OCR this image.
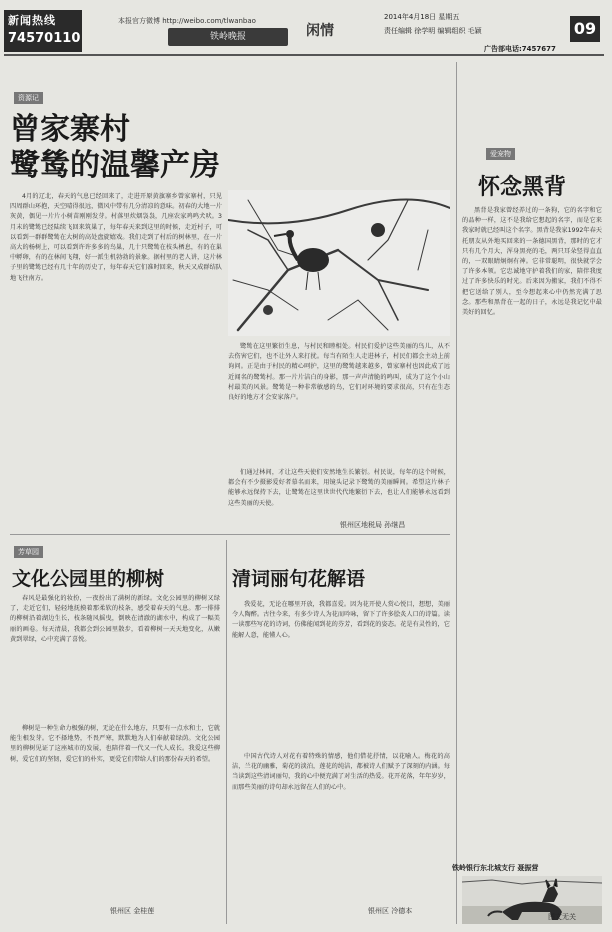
新闻热线
74570110
本报官方微博 http://weibo.com/tlwanbao
铁岭晚报	闲情
2014年4月18日 星期五
责任编辑 徐学明 编辑组织 毛颖	09
广告部电话:7457677
资源记
曾家寨村
鹭鸶的温馨产房
4月的辽北，春天的气息已经回来了，走进开原黄旗寨乡曾家寨村，只见四周群山环抱，天空晴得很远，微风中带有几分清凉的意味。初春的大地一片灰黄，偶见一片片小树苗刚刚发芽。村落里炊烟袅袅，几座农家鸡鸣犬吠。3月末的鹭鸶已经陆续飞回来筑巢了，每年春天来到这里的时候，走近村子，可以看到一群群鹭鸶在大树的高处盘旋嬉戏。我们走到了村后的树林里，在一片高大的杨树上，可以看到许许多多的鸟巢，几十只鹭鸶在枝头栖息，有的在巢中孵卵，有的在林间飞翔，好一派生机勃勃的景象。据村里的老人讲，这片林子里的鹭鸶已经有几十年的历史了，每年春天它们准时回来，秋天又成群结队地飞往南方。
鹭鸶在这里繁衍生息，与村民和睦相处。村民们爱护这些美丽的鸟儿，从不去伤害它们，也不让外人来打扰。每当有陌生人走进林子，村民们都会主动上前询问。正是由于村民的精心呵护，这里的鹭鸶越来越多，曾家寨村也因此成了远近闻名的鹭鸶村。那一片片洁白的身影，那一声声清脆的鸣叫，成为了这个小山村最美的风景。鹭鸶是一种非常敏感的鸟，它们对环境的要求很高，只有在生态良好的地方才会安家落户。
们通过林间，才让这些天使们安然地生长繁衍。村民说，每年的这个时候，都会有不少摄影爱好者慕名而来，用镜头记录下鹭鸶的美丽瞬间。希望这片林子能够永远保持下去，让鹭鸶在这里世世代代地繁衍下去，也让人们能够永远看到这些美丽的天使。
银州区地税局 孙继昌
芳草园
文化公园里的柳树
春风是最强化的妆扮，一夜扮出了满树的新绿。文化公园里的柳树又绿了，走近它们，轻轻地抚摸着那柔软的枝条，感受着春天的气息。那一排排的柳树沿着湖边生长，枝条随风摇曳，倒映在清澈的湖水中，构成了一幅美丽的画卷。每天清晨，我都会到公园里散步，看着柳树一天天地变化，从嫩黄到翠绿，心中充满了喜悦。
柳树是一种生命力极强的树，无论在什么地方，只要有一点水和土，它就能生根发芽。它不择地势，不畏严寒，默默地为人们奉献着绿荫。文化公园里的柳树见证了这座城市的发展，也陪伴着一代又一代人成长。我爱这些柳树，爱它们的坚韧，爱它们的朴实，更爱它们带给人们的那份春天的希望。
银州区 金桂莲
清词丽句花解语
我爱花，无论在哪里开放，我都喜爱。因为花开使人赏心悦目，想想，美丽令人陶醉。古往今来，有多少诗人为花而吟咏，留下了许多脍炙人口的诗篇。读一读那些写花的诗词，仿佛能闻到花的芬芳，看到花的姿态。花是有灵性的，它能解人意，能懂人心。
中国古代诗人对花有着特殊的情感，他们借花抒情，以花喻人。梅花的高洁，兰花的幽雅，菊花的淡泊，莲花的纯洁，都被诗人们赋予了深刻的内涵。每当读到这些清词丽句，我的心中便充满了对生活的热爱。花开花落，年年岁岁，而那些美丽的诗句却永远留在人们的心中。
银州区 冷德本
爱宠物
怀念黑背
黑背是我家曾经养过的一条狗，它的名字和它的品种一样，这不是我给它想起的名字，而是它来我家时就已经叫这个名字。黑背是我家1992年春天托朋友从外地买回来的一条德国黑背，那时的它才只有几个月大，浑身黑亮的毛，两只耳朵竖得直直的，一双眼睛炯炯有神。它非常聪明，很快就学会了许多本领。它忠诚地守护着我们的家，陪伴我度过了许多快乐的时光。后来因为搬家，我们不得不把它送给了别人，至今想起来心中仍然充满了思念。那些和黑背在一起的日子，永远是我记忆中最美好的回忆。
铁岭银行东北城支行 聂振营
图文无关
